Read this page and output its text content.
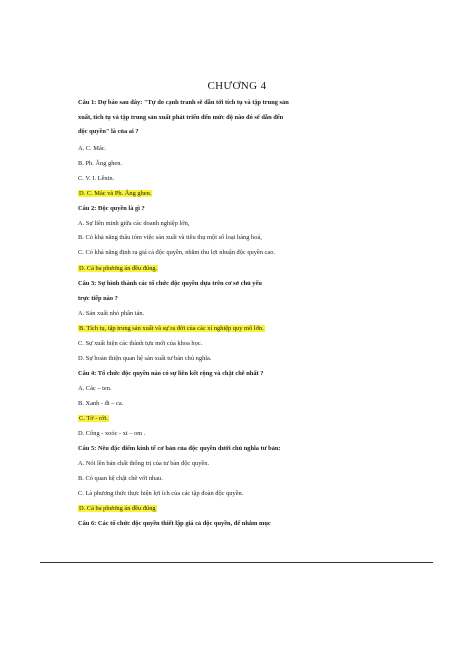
CHƯƠNG 4
Câu 1: Dự báo sau đây: "Tự do cạnh tranh sẽ dẫn tới tích tụ và tập trung sản
xuất, tích tụ và tập trung sản xuất phát triển đến mức độ nào đó sẽ dẫn đến
độc quyền" là của ai ?
A. C. Mác.
B. Ph. Ăng ghen.
C. V. I. Lênin.
D. C. Mác và Ph. Ăng ghen.
Câu 2: Độc quyền là gì ?
A. Sự liên minh giữa các doanh nghiệp lớn,
B. Có khả năng thâu tóm việc sản xuất và tiêu thụ một số loại hàng hoá,
C. Có khả năng định ra giá cả độc quyền, nhằm thu lợi nhuận độc quyền cao.
D. Cả ba phương án đều đúng.
Câu 3: Sự hình thành các tổ chức độc quyền dựa trên cơ sở chủ yếu
trực tiếp nào ?
A. Sản xuất nhỏ phân tán.
B. Tích tụ, tập trung sản xuất và sự ra đời của các xí nghiệp quy mô lớn.
C. Sự xuất hiện các thành tựu mới của khoa học.
D. Sự hoàn thiện quan hệ sản xuất tư bản chủ nghĩa.
Câu 4: Tổ chức độc quyền nào có sự liên kết rộng và chặt chẽ nhất ?
A. Các – ten.
B. Xanh - đi – ca.
C. Tờ - rớt.
D. Công - xoóc - xi – om .
Câu 5: Nêu đặc điểm kinh tế cơ bản của độc quyền dưới chủ nghĩa tư bản:
A. Nói lên bản chất thống trị của tư bản độc quyền.
B. Có quan hệ chặt chẽ với nhau.
C. Là phương thức thực hiện lợi ích của các tập đoàn độc quyền.
D. Cả ba phương án đều đúng
Câu 6: Các tổ chức độc quyền thiết lập giá cả độc quyền, để nhằm mục
